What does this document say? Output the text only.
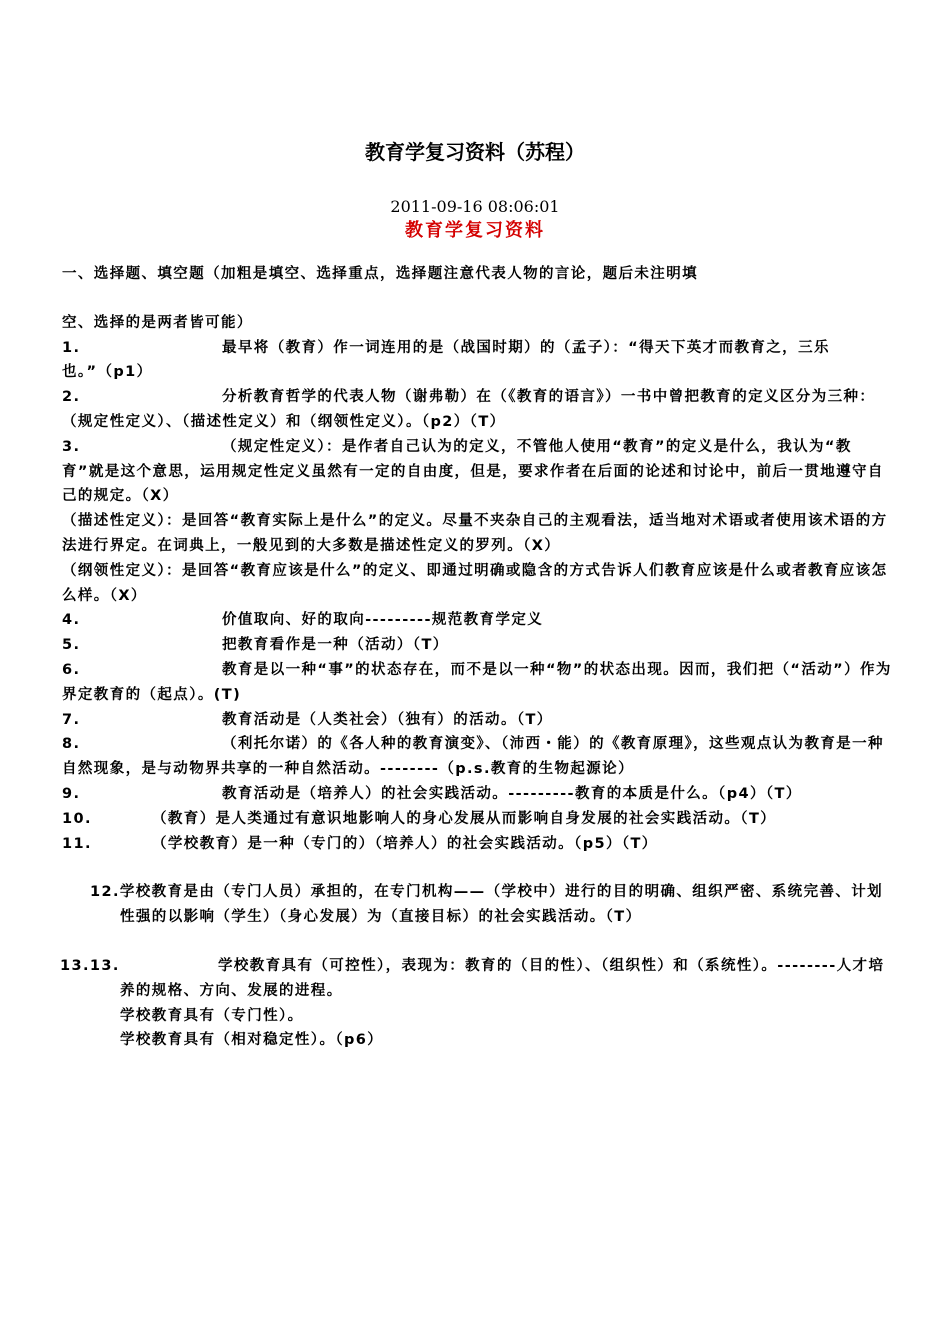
教育学复习资料（苏程）
2011-09-16 08:06:01
教育学复习资料

一、选择题、填空题（加粗是填空、选择重点，选择题注意代表人物的言论，题后未注明填

空、选择的是两者皆可能）

1.	最早将（教育）作一词连用的是（战国时期）的（孟子）：“得天下英才而教育之，三乐也。”（p1）

2.	分析教育哲学的代表人物（谢弗勒）在（《教育的语言》）一书中曾把教育的定义区分为三种：（规定性定义）、（描述性定义）和（纲领性定义）。（p2）（T）

3.	（规定性定义）：是作者自己认为的定义，不管他人使用“教育”的定义是什么，我认为“教育”就是这个意思，运用规定性定义虽然有一定的自由度，但是，要求作者在后面的论述和讨论中，前后一贯地遵守自己的规定。（X）

（描述性定义）：是回答“教育实际上是什么”的定义。尽量不夹杂自己的主观看法，适当地对术语或者使用该术语的方法进行界定。在词典上，一般见到的大多数是描述性定义的罗列。（X）

（纲领性定义）：是回答“教育应该是什么”的定义、即通过明确或隐含的方式告诉人们教育应该是什么或者教育应该怎么样。（X）

4.	价值取向、好的取向---------规范教育学定义

5.	把教育看作是一种（活动）（T）

6.	教育是以一种“事”的状态存在，而不是以一种“物”的状态出现。因而，我们把（“活动”）作为界定教育的（起点）。(T)

7.	教育活动是（人类社会）（独有）的活动。（T）

8.	（利托尔诺）的《各人种的教育演变》、（沛西・能）的《教育原理》，这些观点认为教育是一种自然现象，是与动物界共享的一种自然活动。--------（p.s.教育的生物起源论）

9.	教育活动是（培养人）的社会实践活动。---------教育的本质是什么。（p4）（T）

10.	（教育）是人类通过有意识地影响人的身心发展从而影响自身发展的社会实践活动。（T）

11.	（学校教育）是一种（专门的）（培养人）的社会实践活动。（p5）（T）

12.学校教育是由（专门人员）承担的，在专门机构——（学校中）进行的目的明确、组织严密、系统完善、计划性强的以影响（学生）（身心发展）为（直接目标）的社会实践活动。（T）

13.13.	学校教育具有（可控性），表现为：教育的（目的性）、（组织性）和（系统性）。--------人才培养的规格、方向、发展的进程。

学校教育具有（专门性）。

学校教育具有（相对稳定性）。（p6）
